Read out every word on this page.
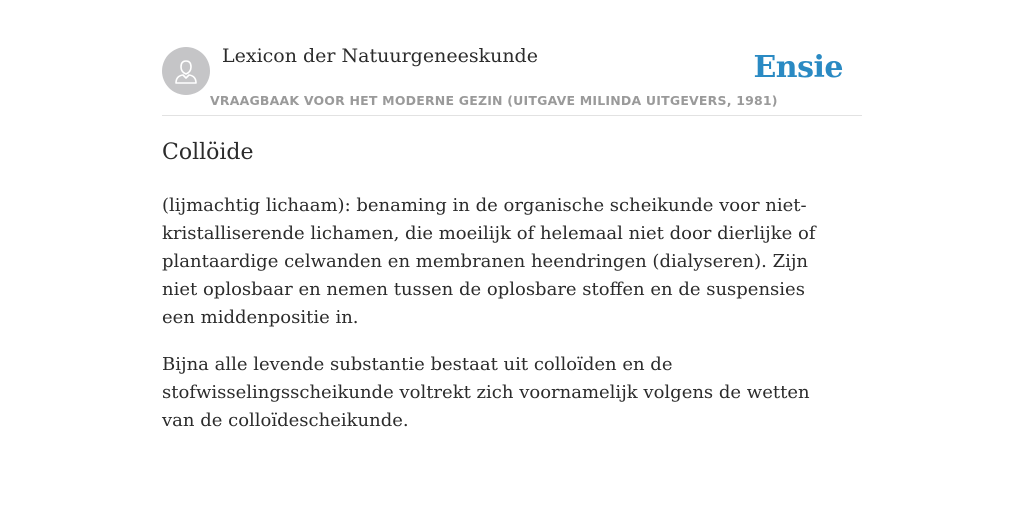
Lexicon der Natuurgeneeskunde
VRAAGBAAK VOOR HET MODERNE GEZIN (UITGAVE MILINDA UITGEVERS, 1981)
Ensie
Collöide

(lijmachtig lichaam): benaming in de organische scheikunde voor niet-kristalliserende lichamen, die moeilijk of helemaal niet door dierlijke of plantaardige celwanden en membranen heendringen (dialyseren). Zijn niet oplosbaar en nemen tussen de oplosbare stoffen en de suspensies een middenpositie in.

Bijna alle levende substantie bestaat uit colloïden en de stofwisselingsscheikunde voltrekt zich voornamelijk volgens de wetten van de colloïdescheikunde.
